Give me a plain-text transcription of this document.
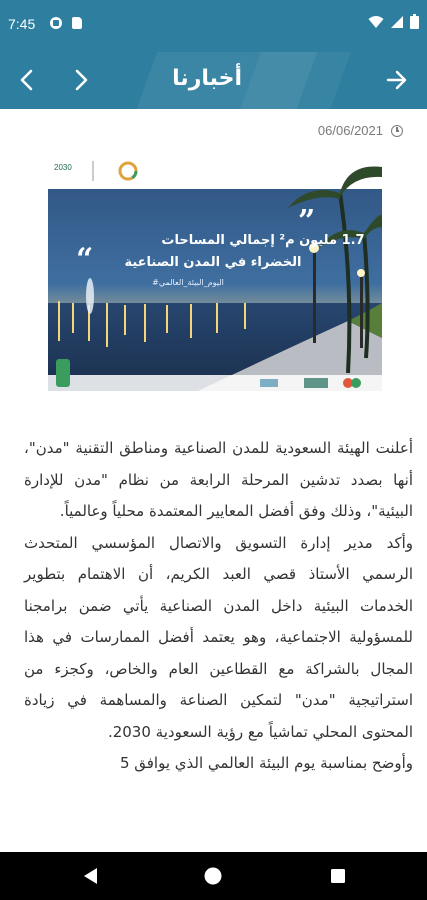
7:45
أخبارنا
06/06/2021
2030
1.7 مليون م² إجمالي المساحات
الخضراء في المدن الصناعية
”
“
#اليوم_البيئة_العالمي

أعلنت الهيئة السعودية للمدن الصناعية ومناطق التقنية "مدن"، أنها بصدد تدشين المرحلة الرابعة من نظام "مدن للإدارة البيئية"، وذلك وفق أفضل المعايير المعتمدة محلياً وعالمياً.

وأكد مدير إدارة التسويق والاتصال المؤسسي المتحدث الرسمي الأستاذ قصي العبد الكريم، أن الاهتمام بتطوير الخدمات البيئية داخل المدن الصناعية يأتي ضمن برامجنا للمسؤولية الاجتماعية، وهو يعتمد أفضل الممارسات في هذا المجال بالشراكة مع القطاعين العام والخاص، وكجزء من استراتيجية "مدن" لتمكين الصناعة والمساهمة في زيادة المحتوى المحلي تماشياً مع رؤية السعودية 2030.

وأوضح بمناسبة يوم البيئة العالمي الذي يوافق 5
